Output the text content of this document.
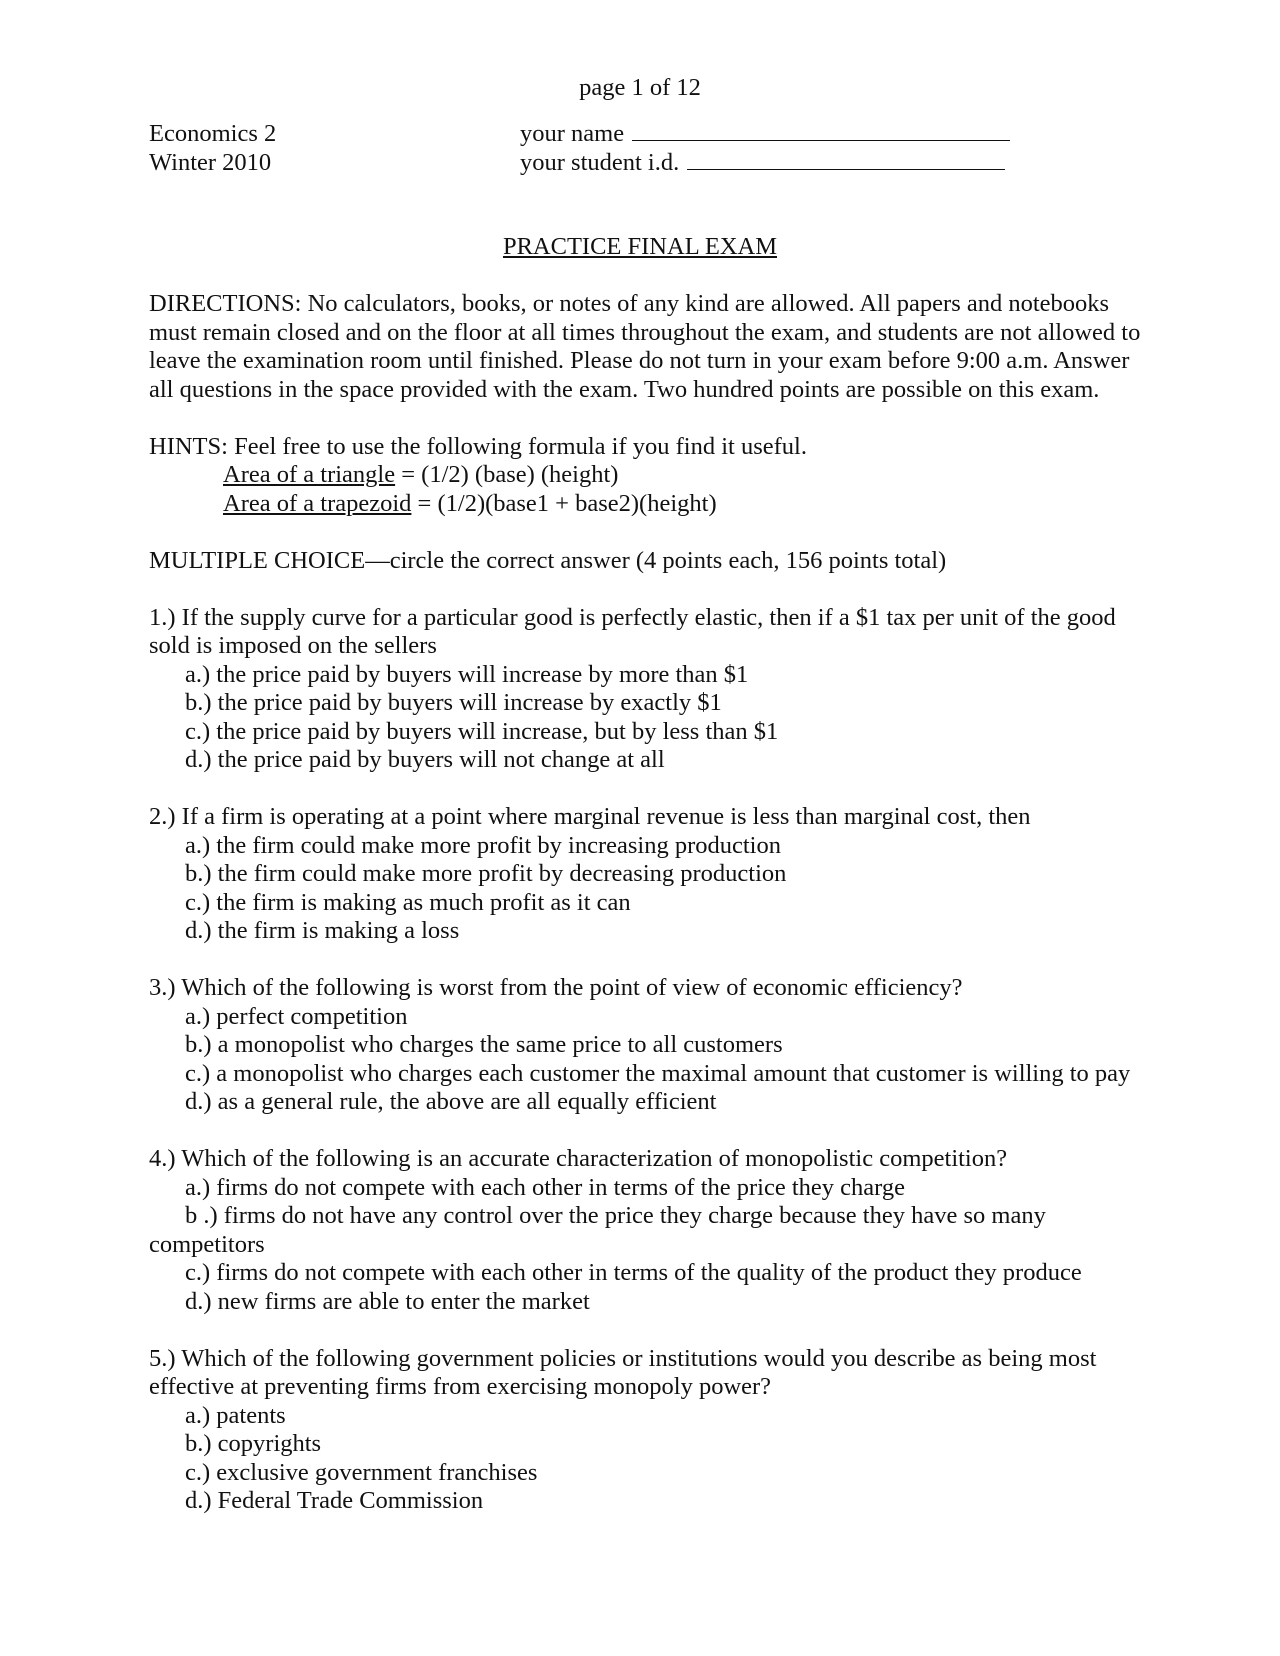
page 1 of 12
Economics 2
Winter 2010
your name
your student i.d.
PRACTICE FINAL EXAM

DIRECTIONS: No calculators, books, or notes of any kind are allowed. All papers and notebooks must remain closed and on the floor at all times throughout the exam, and students are not allowed to leave the examination room until finished. Please do not turn in your exam before 9:00 a.m. Answer all questions in the space provided with the exam. Two hundred points are possible on this exam.

HINTS: Feel free to use the following formula if you find it useful.
Area of a triangle = (1/2) (base) (height)
Area of a trapezoid = (1/2)(base1 + base2)(height)
MULTIPLE CHOICE—circle the correct answer (4 points each, 156 points total)

1.) If the supply curve for a particular good is perfectly elastic, then if a $1 tax per unit of the good sold is imposed on the sellers

a.) the price paid by buyers will increase by more than $1
b.) the price paid by buyers will increase by exactly $1
c.) the price paid by buyers will increase, but by less than $1
d.) the price paid by buyers will not change at all

2.) If a firm is operating at a point where marginal revenue is less than marginal cost, then

a.) the firm could make more profit by increasing production
b.) the firm could make more profit by decreasing production
c.) the firm is making as much profit as it can
d.) the firm is making a loss

3.) Which of the following is worst from the point of view of economic efficiency?

a.) perfect competition
b.) a monopolist who charges the same price to all customers
c.) a monopolist who charges each customer the maximal amount that customer is willing to pay
d.) as a general rule, the above are all equally efficient

4.) Which of the following is an accurate characterization of monopolistic competition?

a.) firms do not compete with each other in terms of the price they charge
b .) firms do not have any control over the price they charge because they have so many
competitors
c.) firms do not compete with each other in terms of the quality of the product they produce
d.) new firms are able to enter the market

5.) Which of the following government policies or institutions would you describe as being most effective at preventing firms from exercising monopoly power?

a.) patents
b.) copyrights
c.) exclusive government franchises
d.) Federal Trade Commission
